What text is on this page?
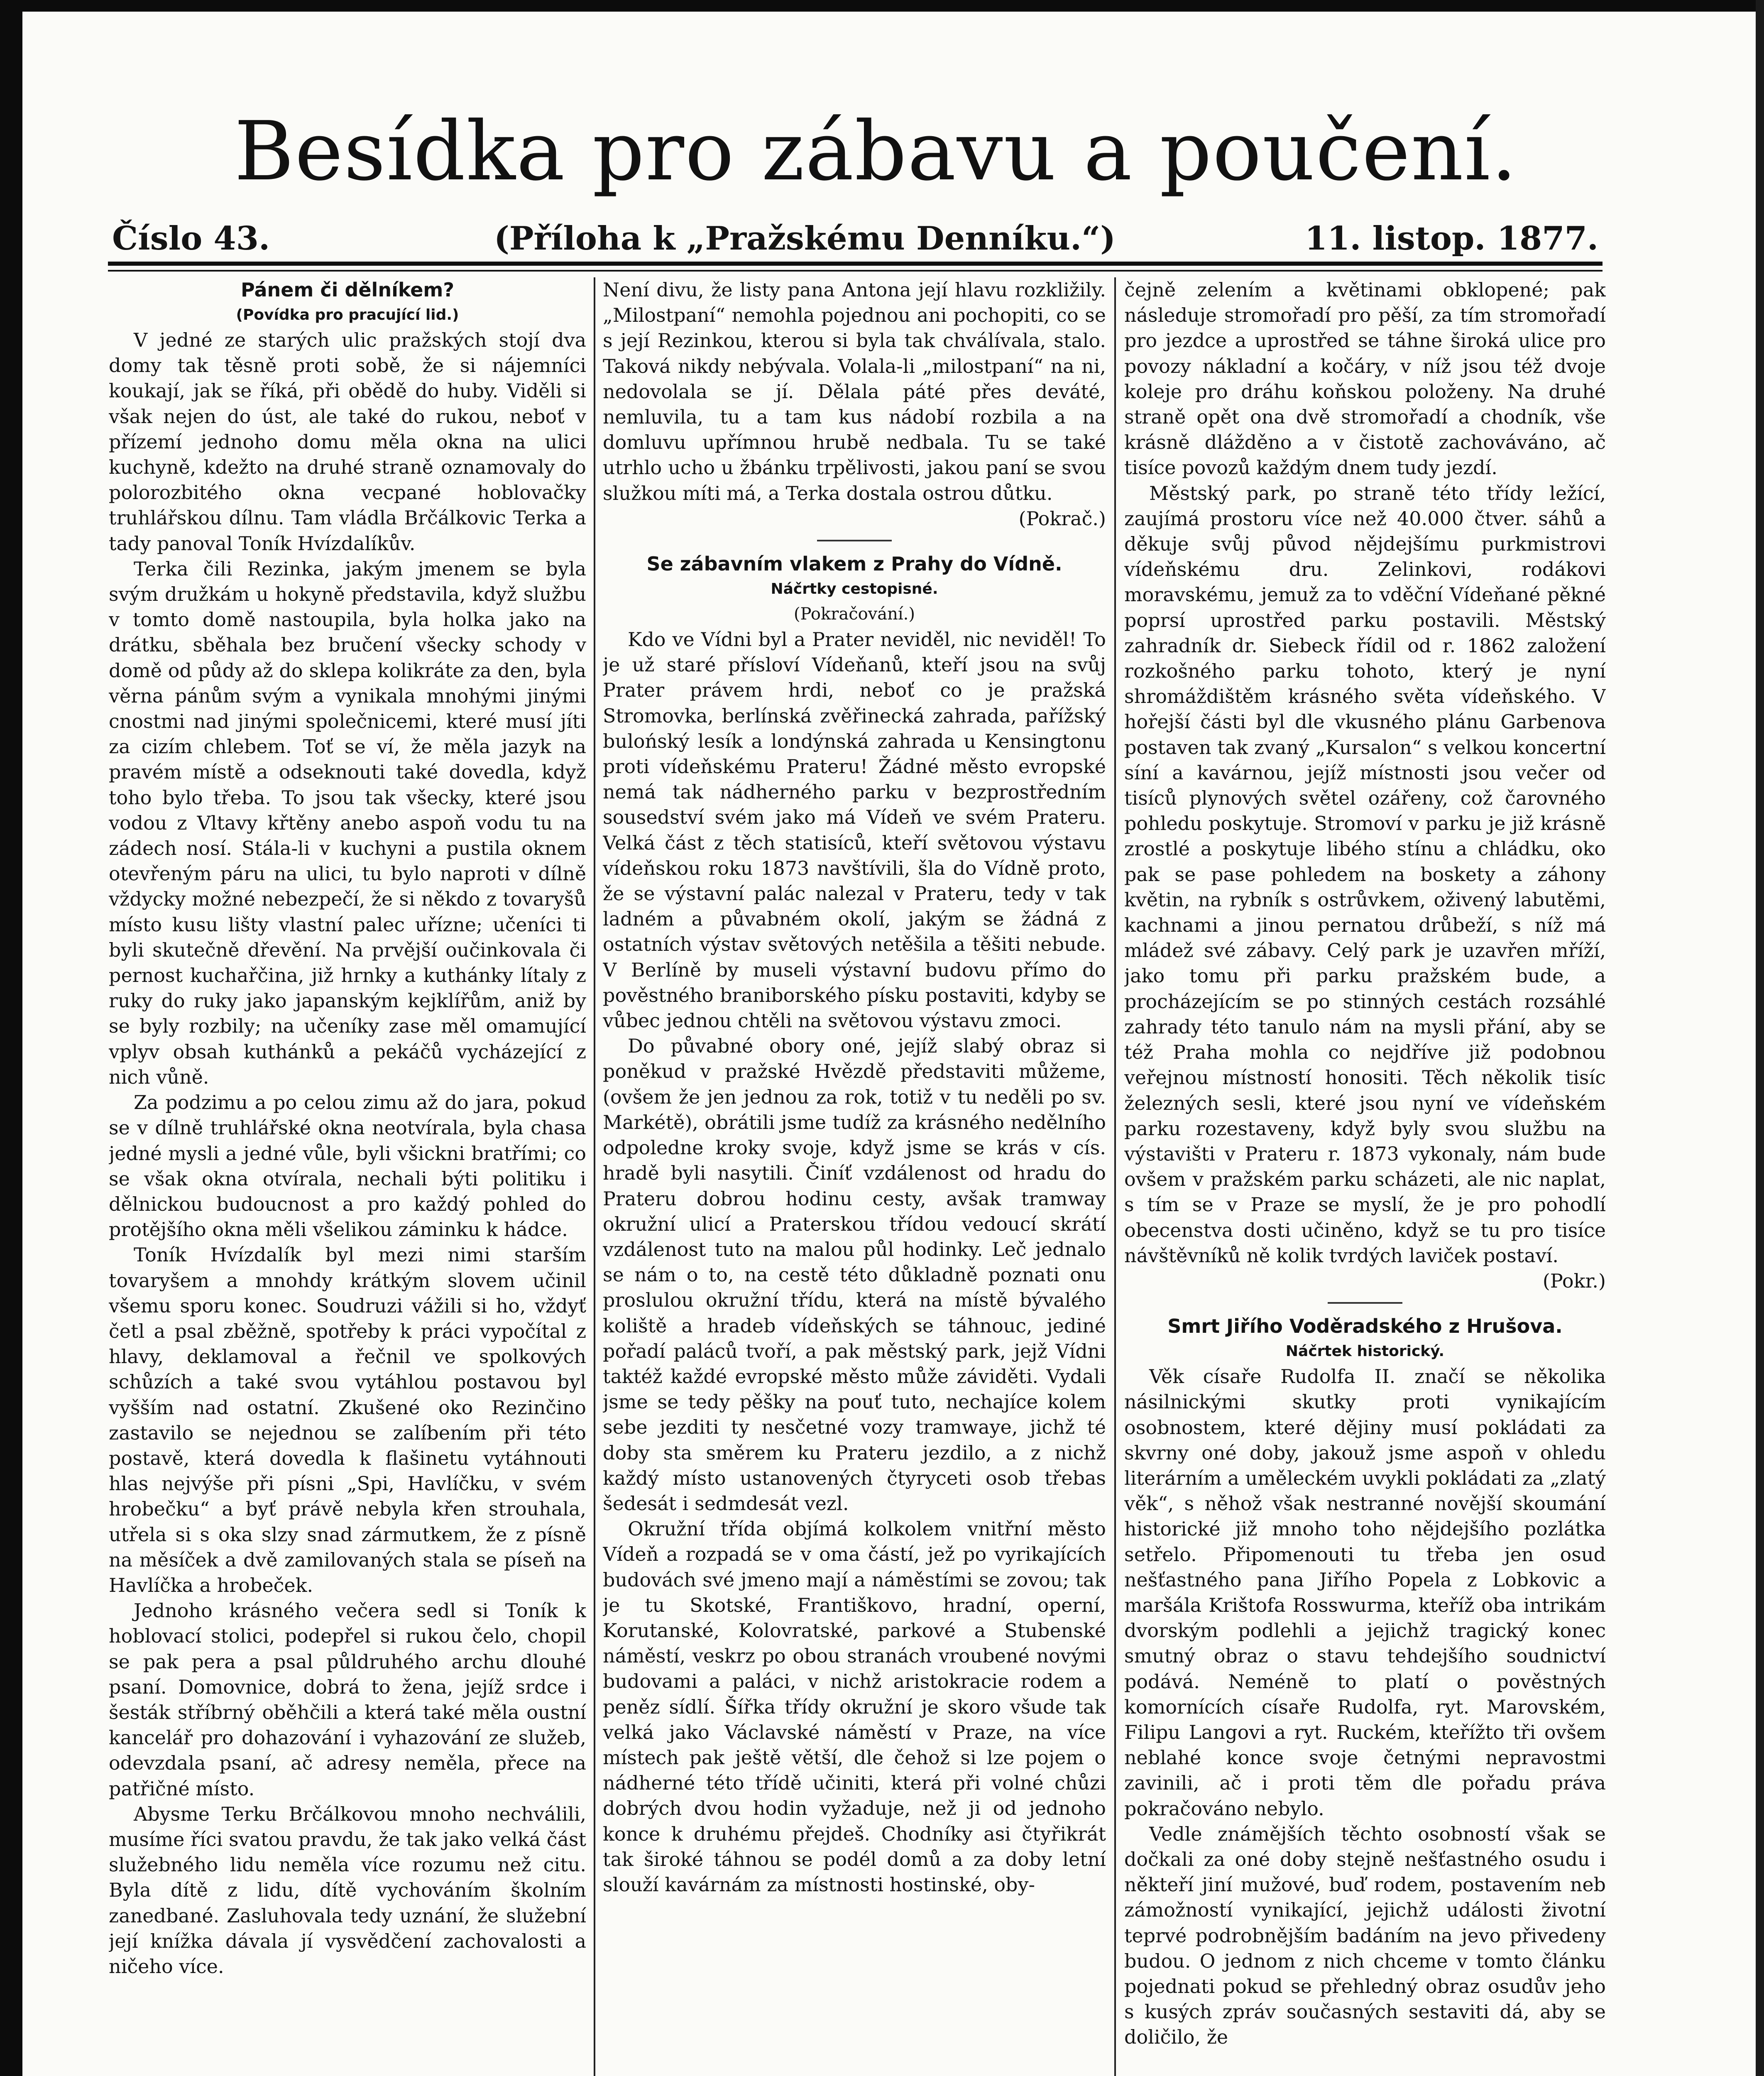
Besídka pro zábavu a poučení.
Číslo 43.	(Příloha k „Pražskému Denníku.“)	11. listop. 1877.
Pánem či dělníkem?
(Povídka pro pracující lid.)

V jedné ze starých ulic pražských stojí dva domy tak těsně proti sobě, že si nájemníci koukají, jak se říká, při obědě do huby. Viděli si však nejen do úst, ale také do rukou, neboť v přízemí jednoho domu měla okna na ulici kuchyně, kdežto na druhé straně oznamovaly do polorozbitého okna vecpané hoblovačky truhlářskou dílnu. Tam vládla Brčálkovic Terka a tady panoval Toník Hvízdalíkův.

Terka čili Rezinka, jakým jmenem se byla svým družkám u hokyně představila, když službu v tomto domě nastoupila, byla holka jako na drátku, sběhala bez bručení všecky schody v domě od půdy až do sklepa kolikráte za den, byla věrna pánům svým a vynikala mnohými jinými cnostmi nad jinými společnicemi, které musí jíti za cizím chlebem. Toť se ví, že měla jazyk na pravém místě a odseknouti také dovedla, když toho bylo třeba. To jsou tak všecky, které jsou vodou z Vltavy křtěny anebo aspoň vodu tu na zádech nosí. Stála-li v kuchyni a pustila oknem otevřeným páru na ulici, tu bylo naproti v dílně vždycky možné nebezpečí, že si někdo z tovaryšů místo kusu lišty vlastní palec uřízne; učeníci ti byli skutečně dřevění. Na prvější oučinkovala či pernost kuchařčina, již hrnky a kuthánky lítaly z ruky do ruky jako japanským kejklířům, aniž by se byly rozbily; na učeníky zase měl omamující vplyv obsah kuthánků a pekáčů vycházející z nich vůně.

Za podzimu a po celou zimu až do jara, pokud se v dílně truhlářské okna neotvírala, byla chasa jedné mysli a jedné vůle, byli všickni bratřími; co se však okna otvírala, nechali býti politiku i dělnickou budoucnost a pro každý pohled do protějšího okna měli všelikou záminku k hádce.

Toník Hvízdalík byl mezi nimi starším tovaryšem a mnohdy krátkým slovem učinil všemu sporu konec. Soudruzi vážili si ho, vždyť četl a psal zběžně, spotřeby k práci vypočítal z hlavy, deklamoval a řečnil ve spolkových schůzích a také svou vytáhlou postavou byl vyšším nad ostatní. Zkušené oko Rezinčino zastavilo se nejednou se zalíbením při této postavě, která dovedla k flašinetu vytáhnouti hlas nejvýše při písni „Spi, Havlíčku, v svém hrobečku“ a byť právě nebyla křen strouhala, utřela si s oka slzy snad zármutkem, že z písně na měsíček a dvě zamilovaných stala se píseň na Havlíčka a hrobeček.

Jednoho krásného večera sedl si Toník k hoblovací stolici, podepřel si rukou čelo, chopil se pak pera a psal půldruhého archu dlouhé psaní. Domovnice, dobrá to žena, jejíž srdce i šesták stříbrný oběhčili a která také měla oustní kancelář pro dohazování i vyhazování ze služeb, odevzdala psaní, ač adresy neměla, přece na patřičné místo.

Abysme Terku Brčálkovou mnoho nechválili, musíme říci svatou pravdu, že tak jako velká část služebného lidu neměla více rozumu než citu. Byla dítě z lidu, dítě vychováním školním zanedbané. Zasluhovala tedy uznání, že služební její knížka dávala jí vysvědčení zachovalosti a ničeho více.

Není divu, že listy pana Antona její hlavu rozkližily. „Milostpaní“ nemohla pojednou ani pochopiti, co se s její Rezinkou, kterou si byla tak chválívala, stalo. Taková nikdy nebývala. Volala-li „milostpaní“ na ni, nedovolala se jí. Dělala páté přes deváté, nemluvila, tu a tam kus nádobí rozbila a na domluvu upřímnou hrubě nedbala. Tu se také utrhlo ucho u žbánku trpělivosti, jakou paní se svou služkou míti má, a Terka dostala ostrou důtku.

(Pokrač.)

Se zábavním vlakem z Prahy do Vídně.
Náčrtky cestopisné.
(Pokračování.)

Kdo ve Vídni byl a Prater neviděl, nic neviděl! To je už staré přísloví Vídeňanů, kteří jsou na svůj Prater právem hrdi, neboť co je pražská Stromovka, berlínská zvěřinecká zahrada, pařížský bulońský lesík a londýnská zahrada u Kensingtonu proti vídeňskému Prateru! Žádné město evropské nemá tak nádherného parku v bezprostředním sousedství svém jako má Vídeň ve svém Prateru. Velká část z těch statisíců, kteří světovou výstavu vídeňskou roku 1873 navštívili, šla do Vídně proto, že se výstavní palác nalezal v Prateru, tedy v tak ladném a půvabném okolí, jakým se žádná z ostatních výstav světových netěšila a těšiti nebude. V Berlíně by museli výstavní budovu přímo do pověstného braniborského písku postaviti, kdyby se vůbec jednou chtěli na světovou výstavu zmoci.

Do půvabné obory oné, jejíž slabý obraz si poněkud v pražské Hvězdě představiti můžeme, (ovšem že jen jednou za rok, totiž v tu neděli po sv. Markétě), obrátili jsme tudíž za krásného nedělního odpoledne kroky svoje, když jsme se krás v cís. hradě byli nasytili. Činíť vzdálenost od hradu do Prateru dobrou hodinu cesty, avšak tramway okružní ulicí a Praterskou třídou vedoucí skrátí vzdálenost tuto na malou půl hodinky. Leč jednalo se nám o to, na cestě této důkladně poznati onu proslulou okružní třídu, která na místě bývalého koliště a hradeb vídeňských se táhnouc, jediné pořadí paláců tvoří, a pak městský park, jejž Vídni taktéž každé evropské město může záviděti. Vydali jsme se tedy pěšky na pouť tuto, nechajíce kolem sebe jezditi ty nesčetné vozy tramwaye, jichž té doby sta směrem ku Prateru jezdilo, a z nichž každý místo ustanovených čtyryceti osob třebas šedesát i sedmdesát vezl.

Okružní třída objímá kolkolem vnitřní město Vídeň a rozpadá se v oma částí, jež po vyrikajících budovách své jmeno mají a náměstími se zovou; tak je tu Skotské, Františkovo, hradní, operní, Korutanské, Kolovratské, parkové a Stubenské náměstí, veskrz po obou stranách vroubené novými budovami a paláci, v nichž aristokracie rodem a peněz sídlí. Šířka třídy okružní je skoro všude tak velká jako Václavské náměstí v Praze, na více místech pak ještě větší, dle čehož si lze pojem o nádherné této třídě učiniti, která při volné chůzi dobrých dvou hodin vyžaduje, než ji od jednoho konce k druhému přejdeš. Chodníky asi čtyřikrát tak široké táhnou se podél domů a za doby letní slouží kavárnám za místnosti hostinské, oby-

čejně zelením a květinami obklopené; pak následuje stromořadí pro pěší, za tím stromořadí pro jezdce a uprostřed se táhne široká ulice pro povozy nákladní a kočáry, v níž jsou též dvoje koleje pro dráhu koňskou položeny. Na druhé straně opět ona dvě stromořadí a chodník, vše krásně dlážděno a v čistotě zachováváno, ač tisíce povozů každým dnem tudy jezdí.

Městský park, po straně této třídy ležící, zaujímá prostoru více než 40.000 čtver. sáhů a děkuje svůj původ nějdejšímu purkmistrovi vídeňskému dru. Zelinkovi, rodákovi moravskému, jemuž za to vděční Vídeňané pěkné poprsí uprostřed parku postavili. Městský zahradník dr. Siebeck řídil od r. 1862 založení rozkošného parku tohoto, který je nyní shromáždištěm krásného světa vídeňského. V hořejší části byl dle vkusného plánu Garbenova postaven tak zvaný „Kursalon“ s velkou koncertní síní a kavárnou, jejíž místnosti jsou večer od tisíců plynových světel ozářeny, což čarovného pohledu poskytuje. Stromoví v parku je již krásně zrostlé a poskytuje libého stínu a chládku, oko pak se pase pohledem na bosketу a záhony květin, na rybník s ostrůvkem, oživený labutěmi, kachnami a jinou pernatou drůbeží, s níž má mládež své zábavy. Celý park je uzavřen mříží, jako tomu při parku pražském bude, a procházejícím se po stinných cestách rozsáhlé zahrady této tanulo nám na mysli přání, aby se též Praha mohla co nejdříve již podobnou veřejnou místností honositi. Těch několik tisíc železných sesli, které jsou nyní ve vídeňském parku rozestaveny, když byly svou službu na výstavišti v Prateru r. 1873 vykonaly, nám bude ovšem v pražském parku scházeti, ale nic naplat, s tím se v Praze se myslí, že je pro pohodlí obecenstva dosti učiněno, když se tu pro tisíce návštěvníků ně kolik tvrdých laviček postaví.

(Pokr.)

Smrt Jiřího Voděradského z Hrušova.
Náčrtek historický.

Věk císaře Rudolfa II. značí se několika násilnickými skutky proti vynikajícím osobnostem, které dějiny musí pokládati za skvrny oné doby, jakouž jsme aspoň v ohledu literárním a uměleckém uvykli pokládati za „zlatý věk“, s něhož však nestranné novější skoumání historické již mnoho toho nějdejšího pozlátka setřelo. Připomenouti tu třeba jen osud nešťastného pana Jiřího Popela z Lobkovic a maršála Krištofa Rosswurma, kteříž oba intrikám dvorským podlehli a jejichž tragický konec smutný obraz o stavu tehdejšího soudnictví podává. Neméně to platí o pověstných komornících císaře Rudolfa, ryt. Marovském, Filipu Langovi a ryt. Ruckém, kteřížto tři ovšem neblahé konce svoje četnými nepravostmi zavinili, ač i proti těm dle pořadu práva pokračováno nebylo.

Vedle známějších těchto osobností však se dočkali za oné doby stejně nešťastného osudu i někteří jiní mužové, buď rodem, postavením neb zámožností vynikající, jejichž události životní teprvé podrobnějším badáním na jevo přivedeny budou. O jednom z nich chceme v tomto článku pojednati pokud se přehledný obraz osudův jeho s kusých zpráv současných sestaviti dá, aby se doličilo, že
